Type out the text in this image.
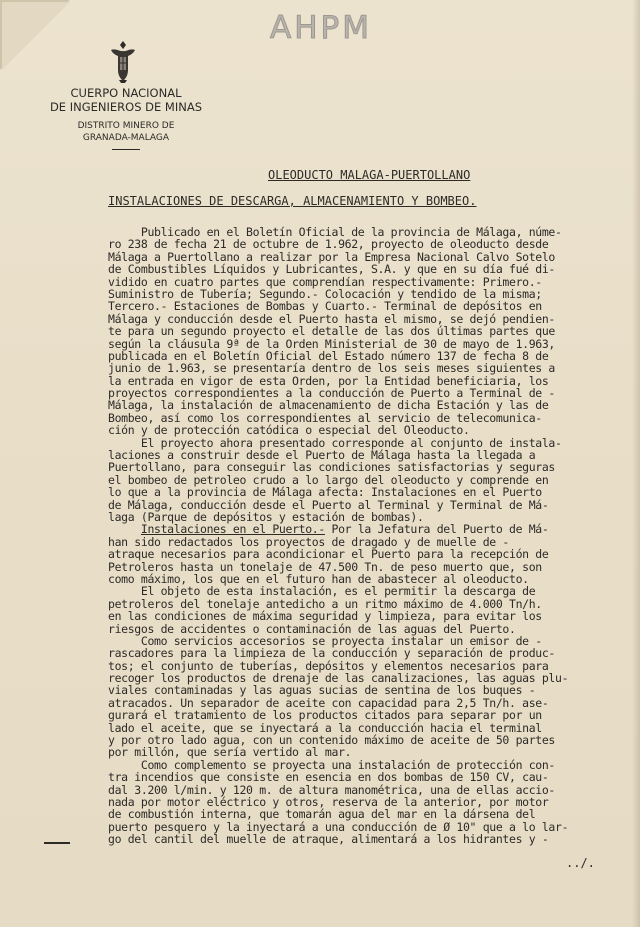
AHPM
CUERPO NACIONAL
DE INGENIEROS DE MINAS
DISTRITO MINERO DE
GRANADA-MALAGA
OLEODUCTO MALAGA-PUERTOLLANO
INSTALACIONES DE DESCARGA, ALMACENAMIENTO Y BOMBEO.
Publicado en el Boletín Oficial de la provincia de Málaga, núme-
ro 238 de fecha 21 de octubre de 1.962, proyecto de oleoducto desde
Málaga a Puertollano a realizar por la Empresa Nacional Calvo Sotelo
de Combustibles Líquidos y Lubricantes, S.A. y que en su día fué di-
vidido en cuatro partes que comprendían respectivamente: Primero.-
Suministro de Tubería; Segundo.- Colocación y tendido de la misma;
Tercero.- Estaciones de Bombas y Cuarto.- Terminal de depósitos en
Málaga y conducción desde el Puerto hasta el mismo, se dejó pendien-
te para un segundo proyecto el detalle de las dos últimas partes que
según la cláusula 9ª de la Orden Ministerial de 30 de mayo de 1.963,
publicada en el Boletín Oficial del Estado número 137 de fecha 8 de
junio de 1.963, se presentaría dentro de los seis meses siguientes a
la entrada en vigor de esta Orden, por la Entidad beneficiaria, los
proyectos correspondientes a la conducción de Puerto a Terminal de -
Málaga, la instalación de almacenamiento de dicha Estación y las de
Bombeo, así como los correspondientes al servicio de telecomunica-
ción y de protección catódica o especial del Oleoducto.
El proyecto ahora presentado corresponde al conjunto de instala-
laciones a construir desde el Puerto de Málaga hasta la llegada a
Puertollano, para conseguir las condiciones satisfactorias y seguras
el bombeo de petroleo crudo a lo largo del oleoducto y comprende en
lo que a la provincia de Málaga afecta: Instalaciones en el Puerto
de Málaga, conducción desde el Puerto al Terminal y Terminal de Má-
laga (Parque de depósitos y estación de bombas).
Instalaciones en el Puerto.- Por la Jefatura del Puerto de Má-
han sido redactados los proyectos de dragado y de muelle de -
atraque necesarios para acondicionar el Puerto para la recepción de
Petroleros hasta un tonelaje de 47.500 Tn. de peso muerto que, son
como máximo, los que en el futuro han de abastecer al oleoducto.
El objeto de esta instalación, es el permitir la descarga de
petroleros del tonelaje antedicho a un ritmo máximo de 4.000 Tn/h.
en las condiciones de máxima seguridad y limpieza, para evitar los
riesgos de accidentes o contaminación de las aguas del Puerto.
Como servicios accesorios se proyecta instalar un emisor de -
rascadores para la limpieza de la conducción y separación de produc-
tos; el conjunto de tuberías, depósitos y elementos necesarios para
recoger los productos de drenaje de las canalizaciones, las aguas plu-
viales contaminadas y las aguas sucias de sentina de los buques -
atracados. Un separador de aceite con capacidad para 2,5 Tn/h. ase-
gurará el tratamiento de los productos citados para separar por un
lado el aceite, que se inyectará a la conducción hacia el terminal
y por otro lado agua, con un contenido máximo de aceite de 50 partes
por millón, que sería vertido al mar.
Como complemento se proyecta una instalación de protección con-
tra incendios que consiste en esencia en dos bombas de 150 CV, cau-
dal 3.200 l/min. y 120 m. de altura manométrica, una de ellas accio-
nada por motor eléctrico y otros, reserva de la anterior, por motor
de combustión interna, que tomarán agua del mar en la dársena del
puerto pesquero y la inyectará a una conducción de Ø 10" que a lo lar-
go del cantil del muelle de atraque, alimentará a los hidrantes y -
../.
